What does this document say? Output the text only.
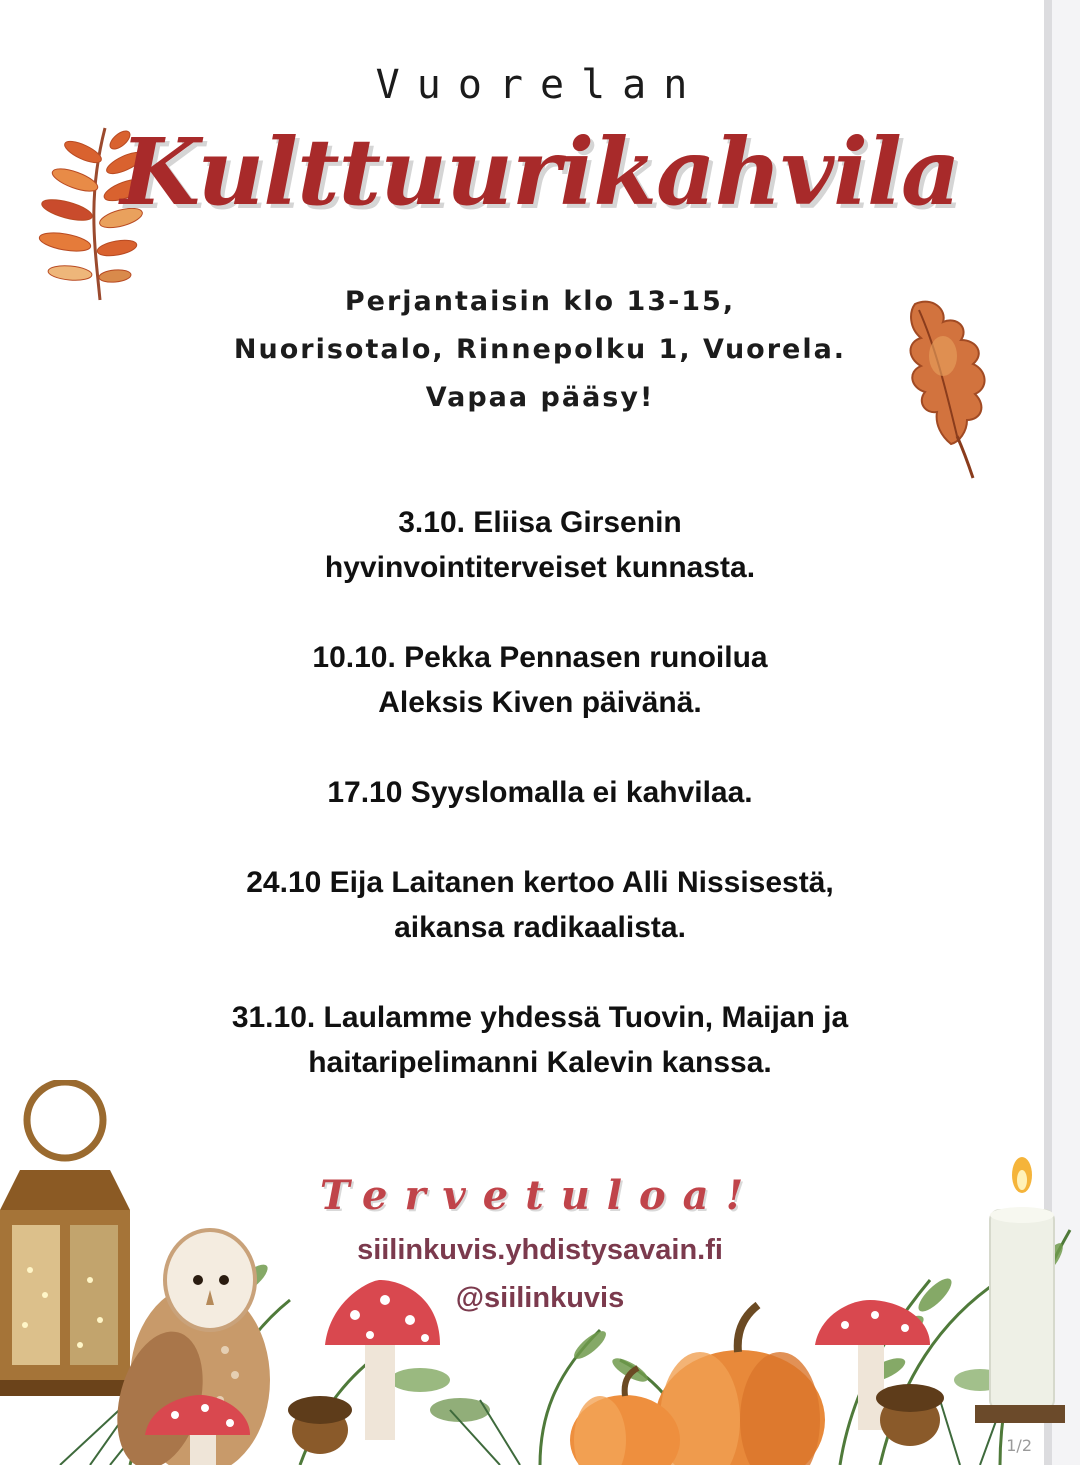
Vuorelan
Kulttuurikahvila
Perjantaisin klo 13-15,
Nuorisotalo, Rinnepolku 1, Vuorela.
Vapaa pääsy!
3.10. Eliisa Girsenin
hyvinvointiterveiset kunnasta.
10.10. Pekka Pennasen runoilua
Aleksis Kiven päivänä.
17.10 Syyslomalla ei kahvilaa.
24.10 Eija Laitanen kertoo Alli Nissisestä,
aikansa radikaalista.
31.10. Laulamme yhdessä Tuovin, Maijan ja
haitaripelimanni Kalevin kanssa.
Tervetuloa!
siilinkuvis.yhdistysavain.fi
@siilinkuvis
1/2
